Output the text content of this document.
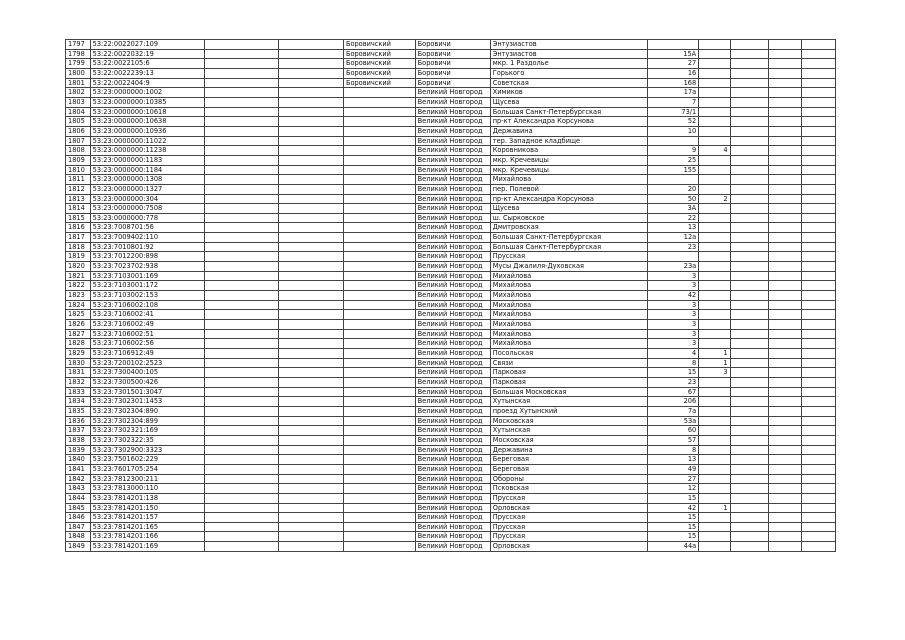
1797	53:22:0022027:109			Боровичский	Боровичи	Энтузиастов					
1798	53:22:0022032:19			Боровичский	Боровичи	Энтузиастов	15А				
1799	53:22:0022105:6			Боровичский	Боровичи	мкр. 1 Раздолье	27				
1800	53:22:0022239:13			Боровичский	Боровичи	Горького	16				
1801	53:22:0022404:9			Боровичский	Боровичи	Советская	168				
1802	53:23:0000000:1002				Великий Новгород	Химиков	17а				
1803	53:23:0000000:10385				Великий Новгород	Щусева	7				
1804	53:23:0000000:10618				Великий Новгород	Большая Санкт-Петербургская	73/1				
1805	53:23:0000000:10638				Великий Новгород	пр-кт Александра Корсунова	52				
1806	53:23:0000000:10936				Великий Новгород	Державина	10				
1807	53:23:0000000:11022				Великий Новгород	тер. Западное кладбище					
1808	53:23:0000000:11238				Великий Новгород	Коровникова	9	4			
1809	53:23:0000000:1183				Великий Новгород	мкр. Кречевицы	25				
1810	53:23:0000000:1184				Великий Новгород	мкр. Кречевицы	155				
1811	53:23:0000000:1308				Великий Новгород	Михайлова					
1812	53:23:0000000:1327				Великий Новгород	пер. Полевой	20				
1813	53:23:0000000:304				Великий Новгород	пр-кт Александра Корсунова	50	2			
1814	53:23:0000000:7508				Великий Новгород	Щусева	3А				
1815	53:23:0000000:778				Великий Новгород	ш. Сырковское	22				
1816	53:23:7008701:56				Великий Новгород	Дмитровская	13				
1817	53:23:7009402:110				Великий Новгород	Большая Санкт-Петербургская	12а				
1818	53:23:7010801:92				Великий Новгород	Большая Санкт-Петербургская	23				
1819	53:23:7012200:898				Великий Новгород	Прусская					
1820	53:23:7023702:938				Великий Новгород	Мусы Джалиля-Духовская	23а				
1821	53:23:7103001:169				Великий Новгород	Михайлова	3				
1822	53:23:7103001:172				Великий Новгород	Михайлова	3				
1823	53:23:7103002:153				Великий Новгород	Михайлова	42				
1824	53:23:7106002:108				Великий Новгород	Михайлова	3				
1825	53:23:7106002:41				Великий Новгород	Михайлова	3				
1826	53:23:7106002:49				Великий Новгород	Михайлова	3				
1827	53:23:7106002:51				Великий Новгород	Михайлова	3				
1828	53:23:7106002:56				Великий Новгород	Михайлова	3				
1829	53:23:7106912:49				Великий Новгород	Посольская	4	1			
1830	53:23:7200102:2523				Великий Новгород	Связи	8	1			
1831	53:23:7300400:105				Великий Новгород	Парковая	15	3			
1832	53:23:7300500:426				Великий Новгород	Парковая	23				
1833	53:23:7301501:3047				Великий Новгород	Большая Московская	67				
1834	53:23:7302301:1453				Великий Новгород	Хутынская	206				
1835	53:23:7302304:890				Великий Новгород	проезд Хутынский	7а				
1836	53:23:7302304:899				Великий Новгород	Московская	53а				
1837	53:23:7302321:169				Великий Новгород	Хутынская	60				
1838	53:23:7302322:35				Великий Новгород	Московская	57				
1839	53:23:7302900:3323				Великий Новгород	Державина	8				
1840	53:23:7501602:229				Великий Новгород	Береговая	13				
1841	53:23:7601705:254				Великий Новгород	Береговая	49				
1842	53:23:7812300:211				Великий Новгород	Обороны	27				
1843	53:23:7813000:110				Великий Новгород	Псковская	12				
1844	53:23:7814201:138				Великий Новгород	Прусская	15				
1845	53:23:7814201:150				Великий Новгород	Орловская	42	1			
1846	53:23:7814201:157				Великий Новгород	Прусская	15				
1847	53:23:7814201:165				Великий Новгород	Прусская	15				
1848	53:23:7814201:166				Великий Новгород	Прусская	15				
1849	53:23:7814201:169				Великий Новгород	Орловская	44а				
